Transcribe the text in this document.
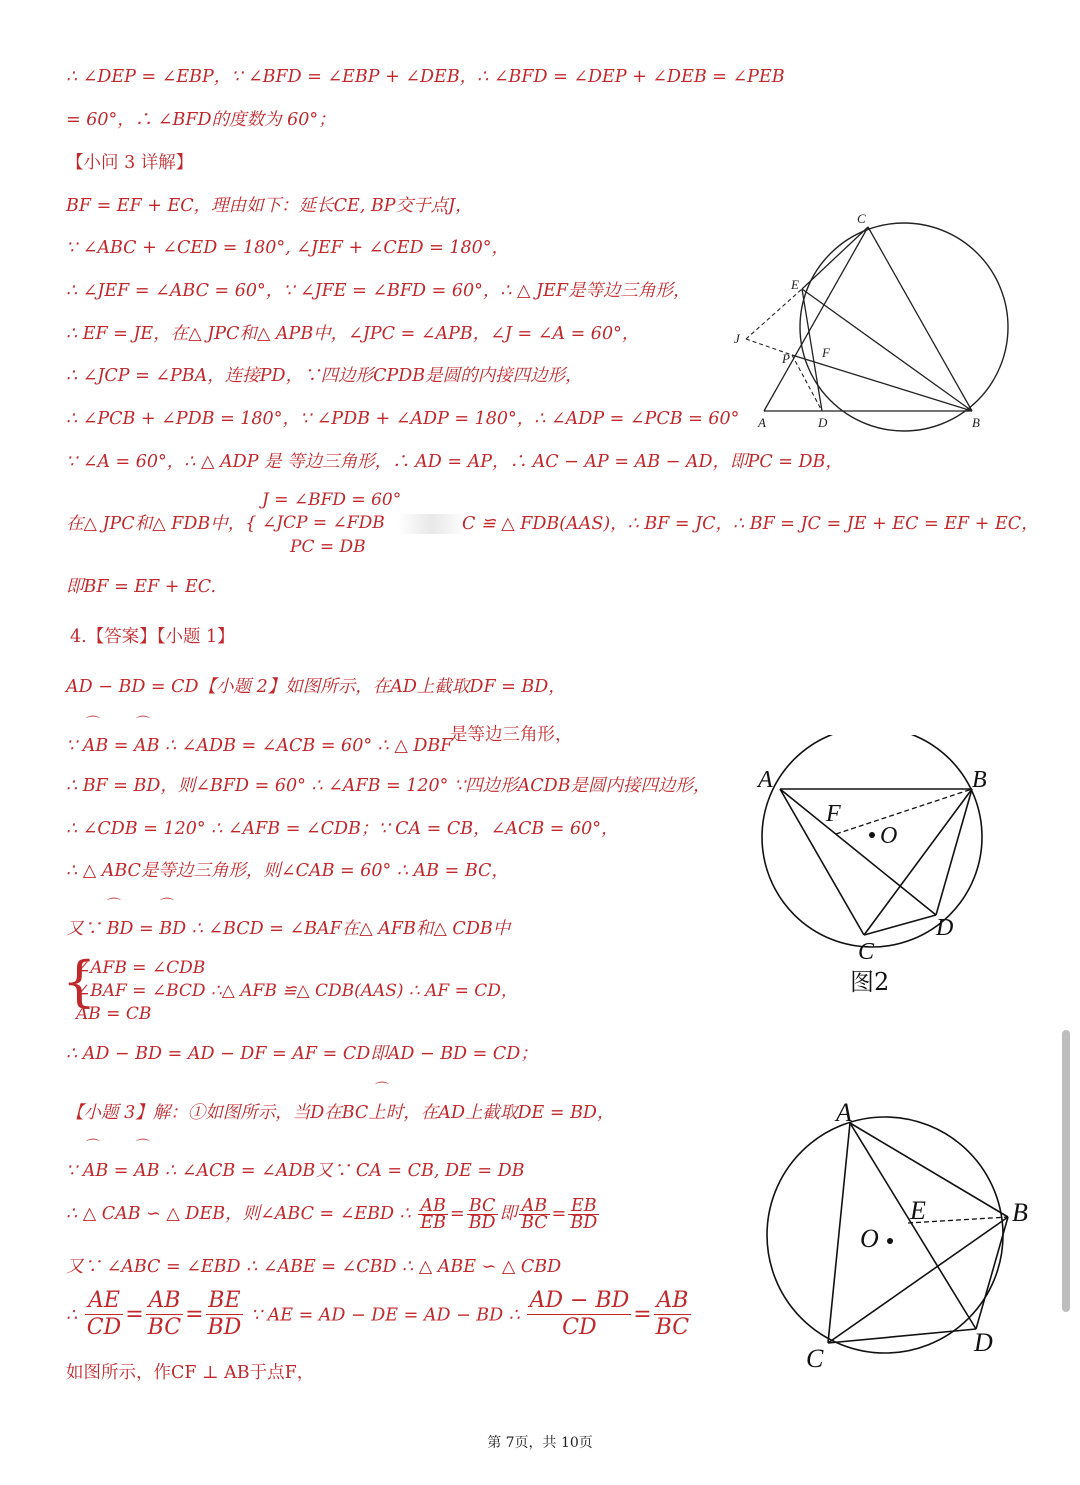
∴ ∠DEP = ∠EBP，∵ ∠BFD = ∠EBP + ∠DEB，∴ ∠BFD = ∠DEP + ∠DEB = ∠PEB
= 60°，∴ ∠BFD的度数为 60°；
【小问 3 详解】
BF = EF + EC，理由如下：延长CE, BP交于点J，
∵ ∠ABC + ∠CED = 180°, ∠JEF + ∠CED = 180°，
∴ ∠JEF = ∠ABC = 60°，∵ ∠JFE = ∠BFD = 60°，∴ △ JEF是等边三角形，
∴ EF = JE，在△ JPC和△ APB中，∠JPC = ∠APB，∠J = ∠A = 60°，
∴ ∠JCP = ∠PBA，连接PD，∵四边形CPDB是圆的内接四边形，
∴ ∠PCB + ∠PDB = 180°，∵ ∠PDB + ∠ADP = 180°，∴ ∠ADP = ∠PCB = 60°
∵ ∠A = 60°，∴ △ ADP 是 等边三角形，∴ AD = AP，∴ AC − AP = AB − AD，即PC = DB，
在△ JPC和△ FDB中，{
J = ∠BFD = 60°
∠JCP = ∠FDB
PC = DB
C ≌ △ FDB(AAS)，∴ BF = JC，∴ BF = JC = JE + EC = EF + EC，
即BF = EF + EC.
4.【答案】【小题 1】
AD − BD = CD【小题 2】如图所示，在AD上截取DF = BD，
⌒	⌒
∵ AB = AB ∴ ∠ADB = ∠ACB = 60° ∴ △ DBF
是等边三角形，
∴ BF = BD，则∠BFD = 60° ∴ ∠AFB = 120° ∵四边形ACDB是圆内接四边形，
∴ ∠CDB = 120° ∴ ∠AFB = ∠CDB；∵ CA = CB，∠ACB = 60°，
∴ △ ABC是等边三角形，则∠CAB = 60° ∴ AB = BC，
⌒	⌒
又∵ BD = BD ∴ ∠BCD = ∠BAF在△ AFB和△ CDB中
{
∠AFB = ∠CDB
∠BAF = ∠BCD ∴△ AFB ≌△ CDB(AAS) ∴ AF = CD，
AB = CB
∴ AD − BD = AD − DF = AF = CD即AD − BD = CD；
⌒
【小题 3】解：①如图所示，当D在BC上时，在AD上截取DE = BD，
⌒	⌒
∵ AB = AB ∴ ∠ACB = ∠ADB又∵ CA = CB, DE = DB
∴ △ CAB ∽ △ DEB，则∠ABC = ∠EBD ∴ $\frac{AB}{EB} = \frac{BC}{BD}$ 即 $\frac{AB}{BC} = \frac{EB}{BD}$
又∵ ∠ABC = ∠EBD ∴ ∠ABE = ∠CBD ∴ △ ABE ∽ △ CBD
∴ $\frac{AE}{CD} = \frac{AB}{BC} = \frac{BE}{BD}$ ∵ AE = AD − DE = AD − BD ∴ $\frac{AD - BD}{CD} = \frac{AB}{BC}$
如图所示，作CF ⊥ AB于点F，
C
E
J
P F
A	D	B
A	B
F
O
C
D
图2
A
B
E
O
C
D
第 7页，共 10页
